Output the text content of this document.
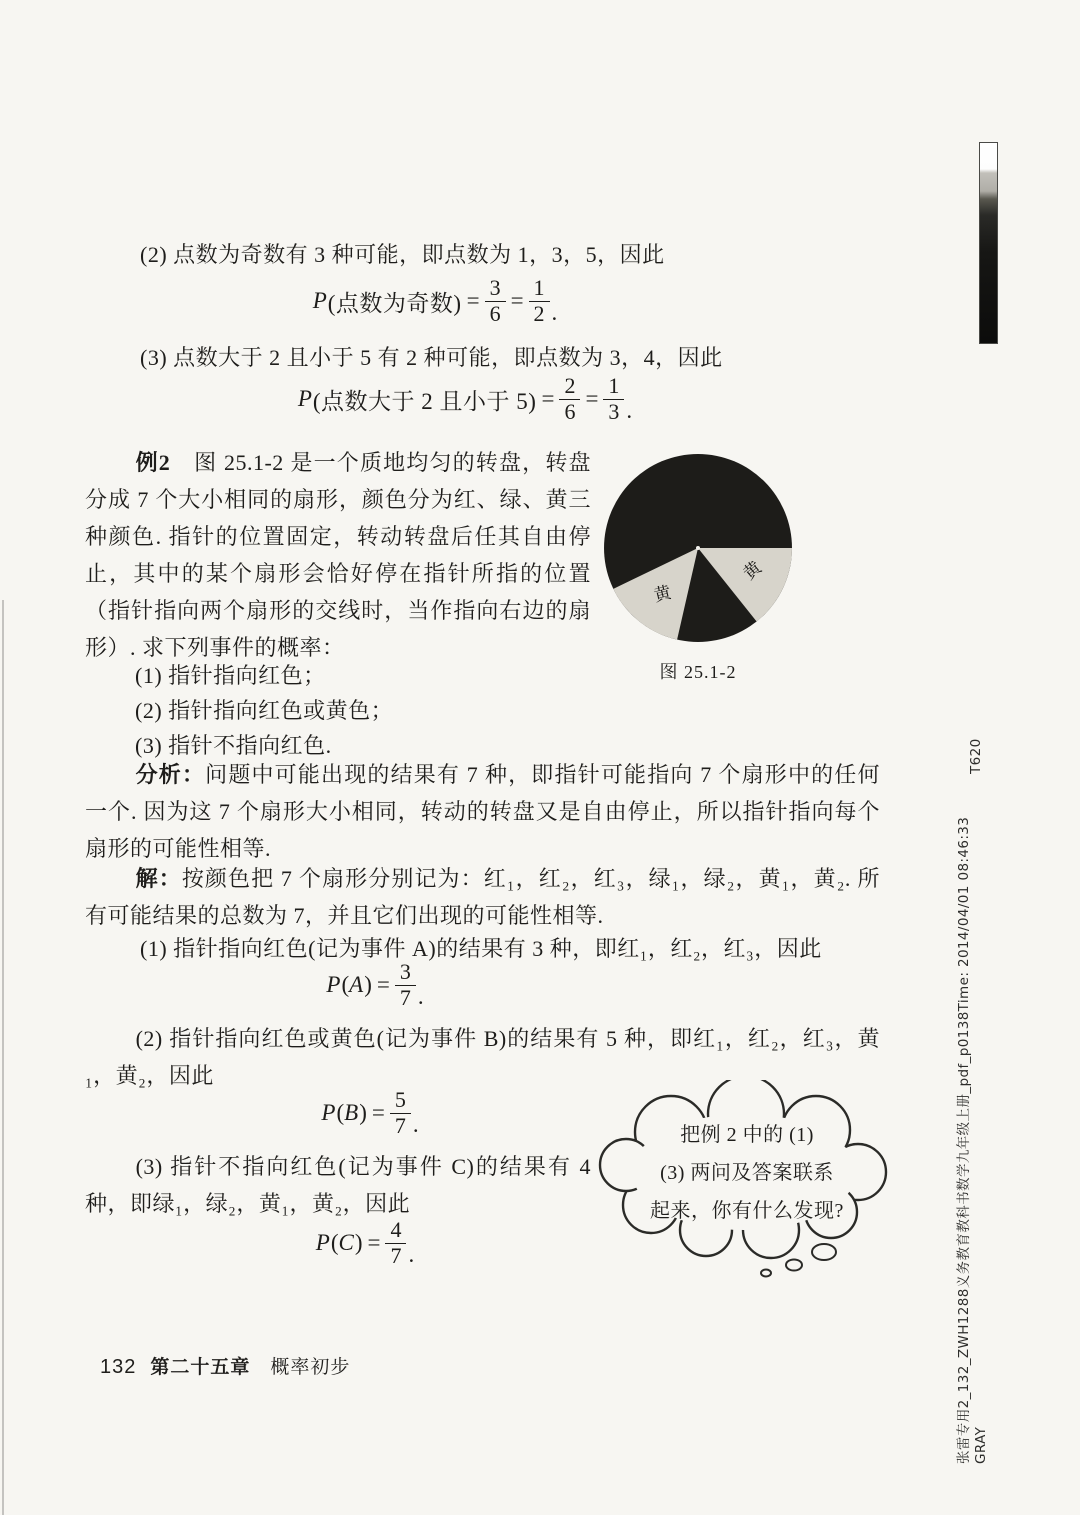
(2) 点数为奇数有 3 种可能，即点数为 1，3，5，因此
P (点数为奇数) = $\frac{3}{6} = \frac{1}{2}$ .
(3) 点数大于 2 且小于 5 有 2 种可能，即点数为 3，4，因此
P (点数大于 2 且小于 $5) = \frac{2}{6} = \frac{1}{3}$ .
例2　图 25.1-2 是一个质地均匀的转盘，转盘分成 7 个大小相同的扇形，颜色分为红、绿、黄三种颜色. 指针的位置固定，转动转盘后任其自由停止，其中的某个扇形会恰好停在指针所指的位置（指针指向两个扇形的交线时，当作指向右边的扇形）. 求下列事件的概率：
黄
黄
图 25.1-2
(1) 指针指向红色；
(2) 指针指向红色或黄色；
(3) 指针不指向红色.
分析：问题中可能出现的结果有 7 种，即指针可能指向 7 个扇形中的任何一个. 因为这 7 个扇形大小相同，转动的转盘又是自由停止，所以指针指向每个扇形的可能性相等.
解：按颜色把 7 个扇形分别记为：红₁，红₂，红₃，绿₁，绿₂，黄₁，黄₂. 所有可能结果的总数为 7，并且它们出现的可能性相等.
(1) 指针指向红色(记为事件 A)的结果有 3 种，即红₁，红₂，红₃，因此
P ( A ) = $\frac{3}{7}$ .
(2) 指针指向红色或黄色(记为事件 B)的结果有 5 种，即红₁，红₂，红₃，黄₁，黄₂，因此
P ( B ) = $\frac{5}{7}$ .
(3) 指针不指向红色(记为事件 C)的结果有 4 种，即绿₁，绿₂，黄₁，黄₂，因此
P ( C ) = $\frac{4}{7}$ .
把例 2 中的 (1)
(3) 两问及答案联系
起来，你有什么发现?
132 第二十五章 概率初步
T620
张雷专用2_132_ZWH1288义务教育教科书数学九年级上册_pdf_p0138Time: 2014/04/01 08:46:33 GRAY
